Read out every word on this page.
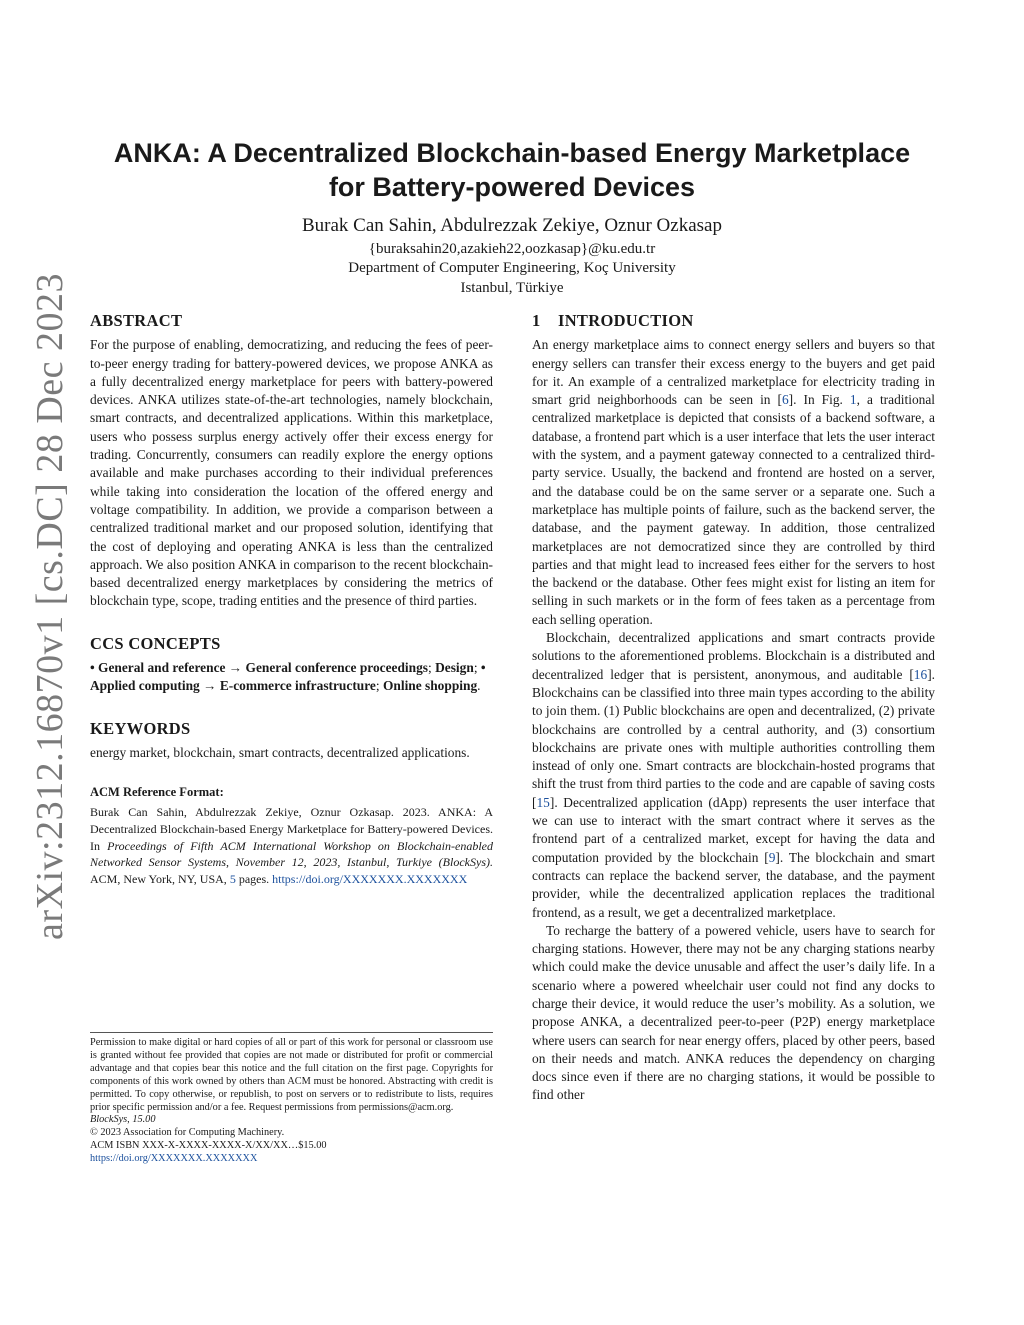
arXiv:2312.16870v1 [cs.DC] 28 Dec 2023
ANKA: A Decentralized Blockchain-based Energy Marketplace
for Battery-powered Devices
Burak Can Sahin, Abdulrezzak Zekiye, Oznur Ozkasap
{buraksahin20,azakieh22,oozkasap}@ku.edu.tr
Department of Computer Engineering, Koç University
Istanbul, Türkiye
ABSTRACT

For the purpose of enabling, democratizing, and reducing the fees of peer-to-peer energy trading for battery-powered devices, we propose ANKA as a fully decentralized energy marketplace for peers with battery-powered devices. ANKA utilizes state-of-the-art technologies, namely blockchain, smart contracts, and decentralized applications. Within this marketplace, users who possess surplus energy actively offer their excess energy for trading. Concurrently, consumers can readily explore the energy options available and make purchases according to their individual preferences while taking into consideration the location of the offered energy and voltage compatibility. In addition, we provide a comparison between a centralized traditional market and our proposed solution, identifying that the cost of deploying and operating ANKA is less than the centralized approach. We also position ANKA in comparison to the recent blockchain-based decentralized energy marketplaces by considering the metrics of blockchain type, scope, trading entities and the presence of third parties.

CCS CONCEPTS

• General and reference → General conference proceedings; Design; • Applied computing → E-commerce infrastructure; Online shopping.

KEYWORDS

energy market, blockchain, smart contracts, decentralized applications.

ACM Reference Format:

Burak Can Sahin, Abdulrezzak Zekiye, Oznur Ozkasap. 2023. ANKA: A Decentralized Blockchain-based Energy Marketplace for Battery-powered Devices. In Proceedings of Fifth ACM International Workshop on Blockchain-enabled Networked Sensor Systems, November 12, 2023, Istanbul, Turkiye (BlockSys). ACM, New York, NY, USA, 5 pages. https://doi.org/XXXXXXX.XXXXXXX

Permission to make digital or hard copies of all or part of this work for personal or classroom use is granted without fee provided that copies are not made or distributed for profit or commercial advantage and that copies bear this notice and the full citation on the first page. Copyrights for components of this work owned by others than ACM must be honored. Abstracting with credit is permitted. To copy otherwise, or republish, to post on servers or to redistribute to lists, requires prior specific permission and/or a fee. Request permissions from permissions@acm.org.

BlockSys, 15.00

© 2023 Association for Computing Machinery.

ACM ISBN XXX-X-XXXX-XXXX-X/XX/XX…$15.00

https://doi.org/XXXXXXX.XXXXXXX

1 INTRODUCTION

An energy marketplace aims to connect energy sellers and buyers so that energy sellers can transfer their excess energy to the buyers and get paid for it. An example of a centralized marketplace for electricity trading in smart grid neighborhoods can be seen in [6]. In Fig. 1, a traditional centralized marketplace is depicted that consists of a backend software, a database, a frontend part which is a user interface that lets the user interact with the system, and a payment gateway connected to a centralized third-party service. Usually, the backend and frontend are hosted on a server, and the database could be on the same server or a separate one. Such a marketplace has multiple points of failure, such as the backend server, the database, and the payment gateway. In addition, those centralized marketplaces are not democratized since they are controlled by third parties and that might lead to increased fees either for the servers to host the backend or the database. Other fees might exist for listing an item for selling in such markets or in the form of fees taken as a percentage from each selling operation.

Blockchain, decentralized applications and smart contracts provide solutions to the aforementioned problems. Blockchain is a distributed and decentralized ledger that is persistent, anonymous, and auditable [16]. Blockchains can be classified into three main types according to the ability to join them. (1) Public blockchains are open and decentralized, (2) private blockchains are controlled by a central authority, and (3) consortium blockchains are private ones with multiple authorities controlling them instead of only one. Smart contracts are blockchain-hosted programs that shift the trust from third parties to the code and are capable of saving costs [15]. Decentralized application (dApp) represents the user interface that we can use to interact with the smart contract where it serves as the frontend part of a centralized market, except for having the data and computation provided by the blockchain [9]. The blockchain and smart contracts can replace the backend server, the database, and the payment provider, while the decentralized application replaces the traditional frontend, as a result, we get a decentralized marketplace.

To recharge the battery of a powered vehicle, users have to search for charging stations. However, there may not be any charging stations nearby which could make the device unusable and affect the user’s daily life. In a scenario where a powered wheelchair user could not find any docks to charge their device, it would reduce the user’s mobility. As a solution, we propose ANKA, a decentralized peer-to-peer (P2P) energy marketplace where users can search for near energy offers, placed by other peers, based on their needs and match. ANKA reduces the dependency on charging docs since even if there are no charging stations, it would be possible to find other
